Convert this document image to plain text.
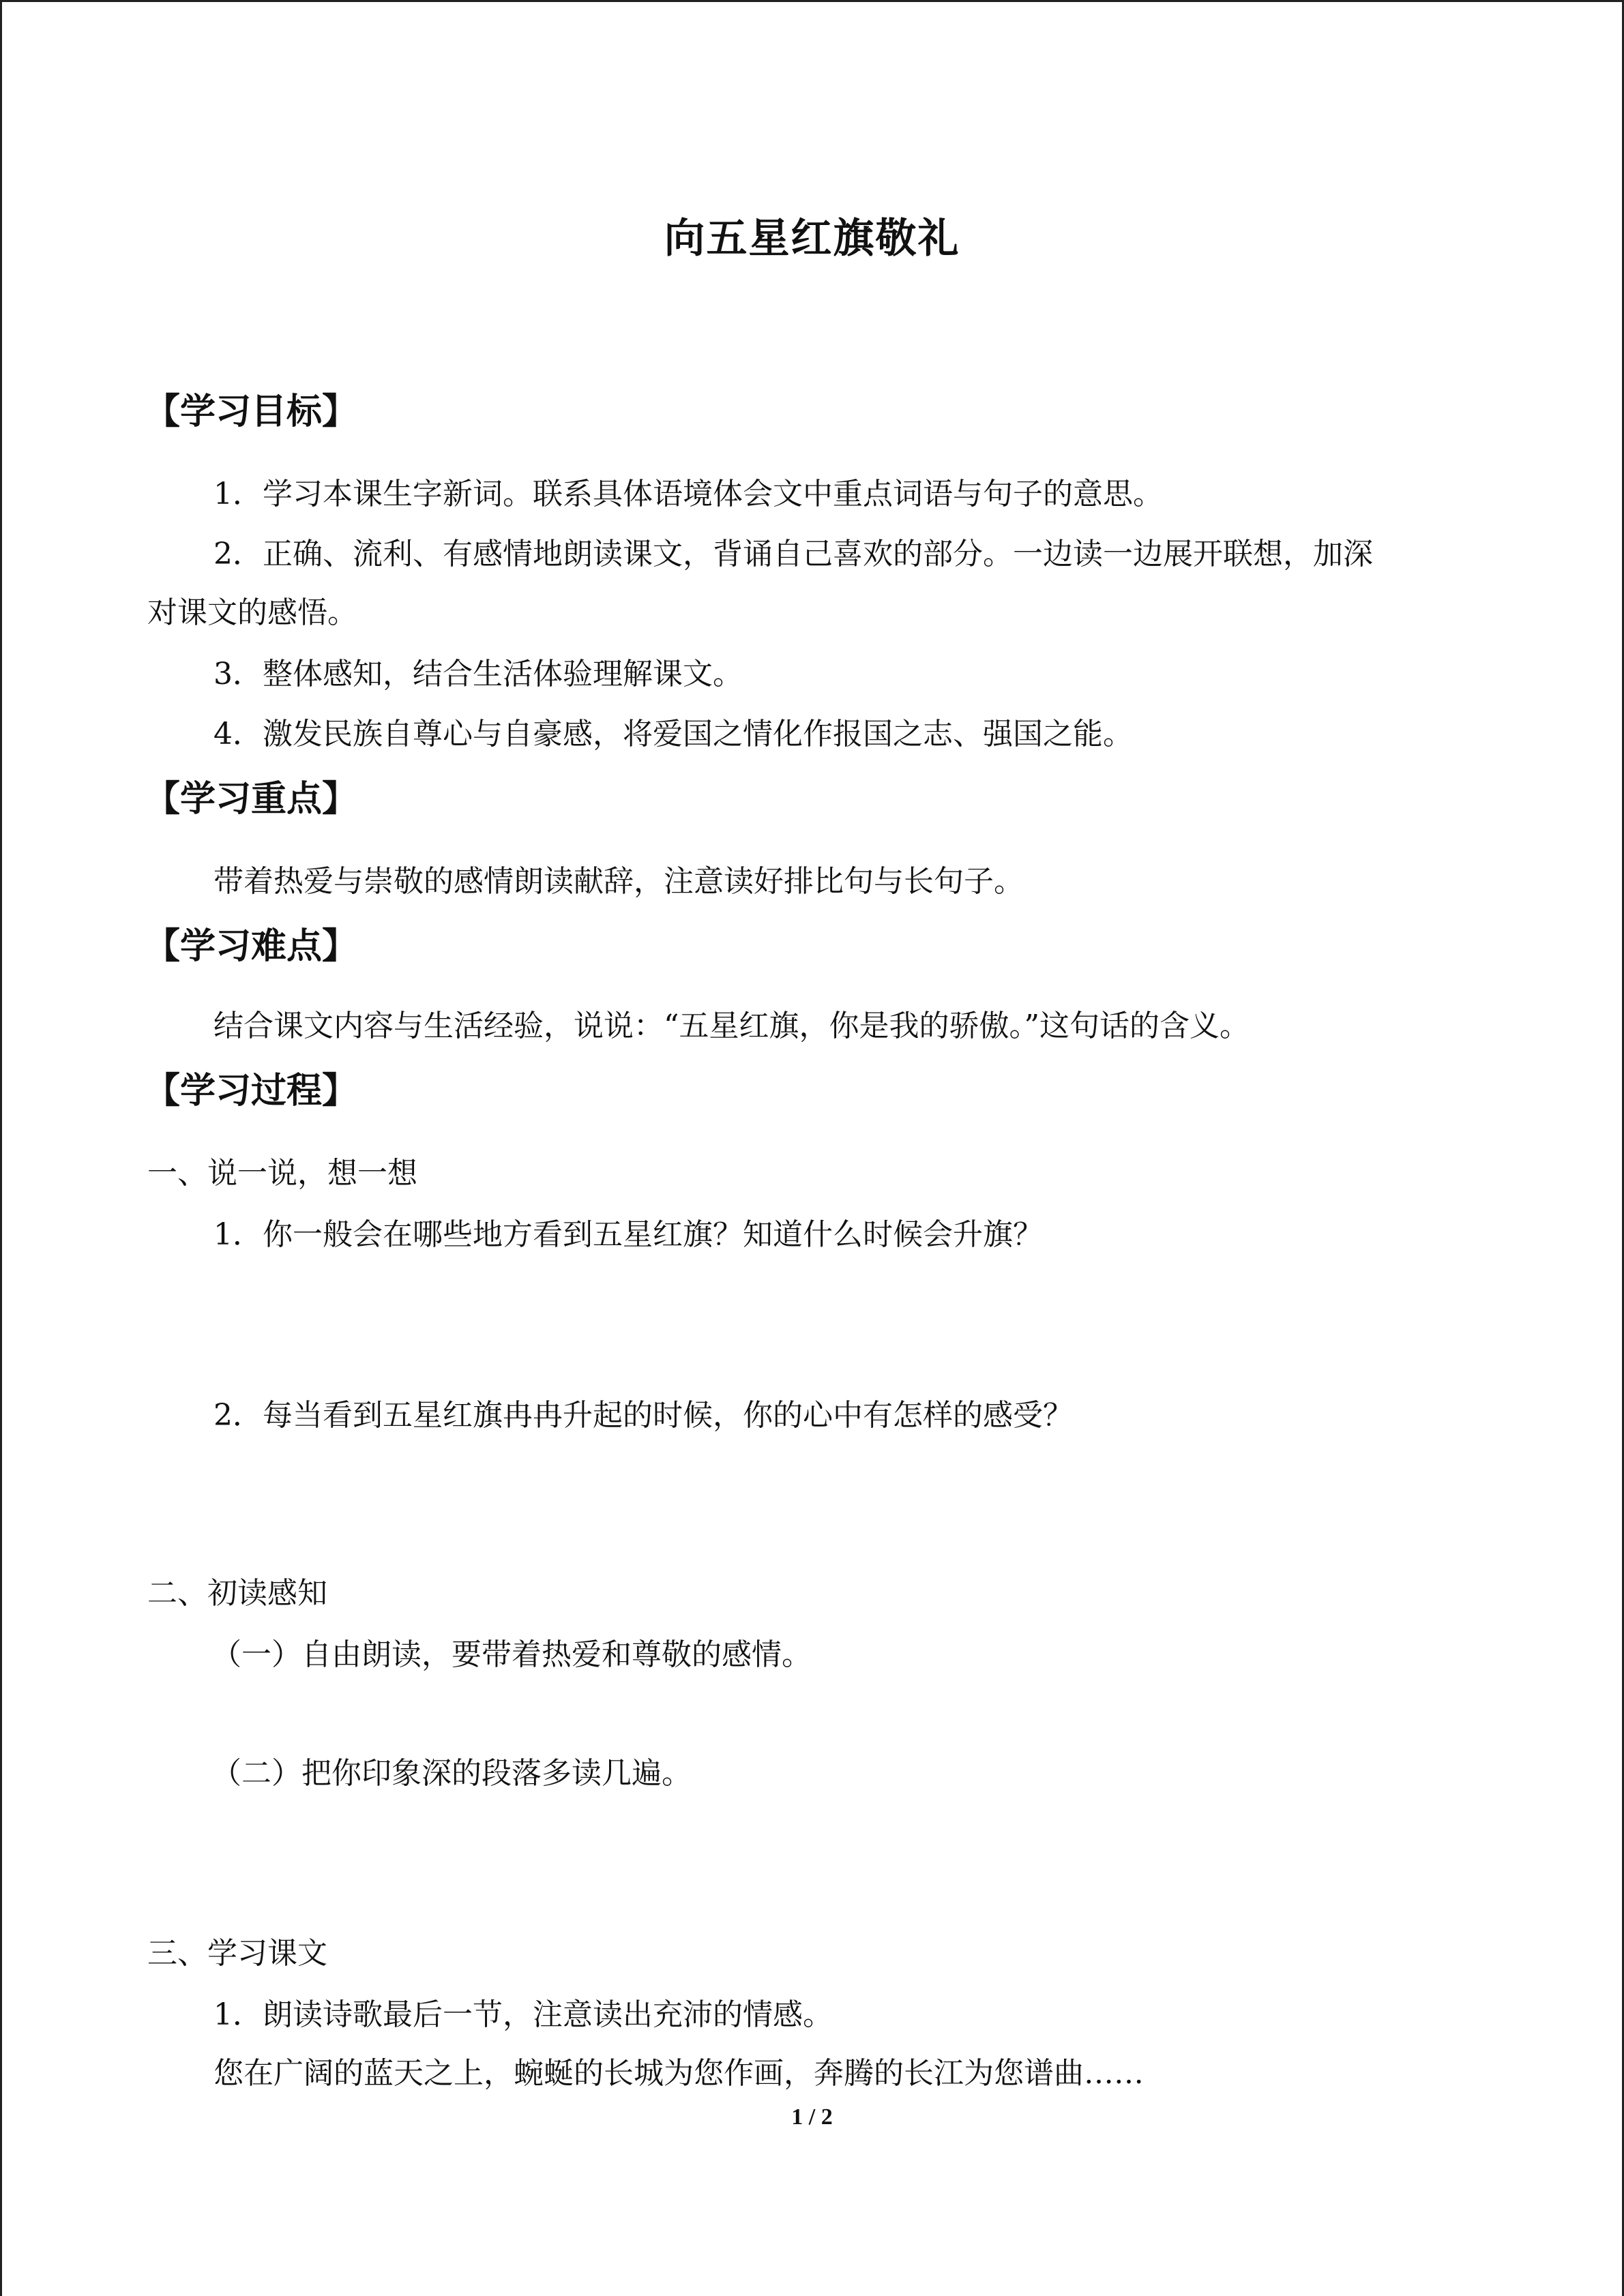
向五星红旗敬礼
【学习目标】
1．学习本课生字新词。联系具体语境体会文中重点词语与句子的意思。
2．正确、流利、有感情地朗读课文，背诵自己喜欢的部分。一边读一边展开联想，加深
对课文的感悟。
3．整体感知，结合生活体验理解课文。
4．激发民族自尊心与自豪感，将爱国之情化作报国之志、强国之能。
【学习重点】
带着热爱与崇敬的感情朗读献辞，注意读好排比句与长句子。
【学习难点】
结合课文内容与生活经验，说说：“五星红旗，你是我的骄傲。”这句话的含义。
【学习过程】
一、说一说，想一想
1．你一般会在哪些地方看到五星红旗？知道什么时候会升旗？
2．每当看到五星红旗冉冉升起的时候，你的心中有怎样的感受？
二、初读感知
（一）自由朗读，要带着热爱和尊敬的感情。
（二）把你印象深的段落多读几遍。
三、学习课文
1．朗读诗歌最后一节，注意读出充沛的情感。
您在广阔的蓝天之上，蜿蜒的长城为您作画，奔腾的长江为您谱曲……
1 / 2
